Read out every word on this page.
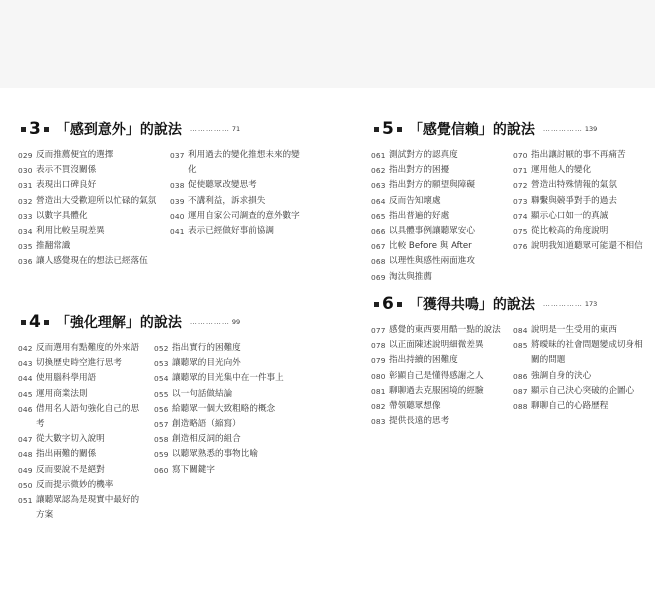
3 「感到意外」的說法 …………… 71
029 反而推薦便宜的選擇
030 表示不買沒關係
031 表現出口碑良好
032 營造出大受歡迎所以忙碌的氣氛
033 以數字具體化
034 利用比較呈現差異
035 推翻常識
036 讓人感覺現在的想法已經落伍
037 利用過去的變化推想未來的變化
038 促使聽眾改變思考
039 不講利益，訴求損失
040 運用自家公司調查的意外數字
041 表示已經做好事前協調
4 「強化理解」的說法 …………… 99
042 反而選用有點難度的外來語
043 切換歷史時空進行思考
044 使用腦科學用語
045 運用商業法則
046 借用名人語句強化自己的思考
047 從大數字切入說明
048 指出兩難的關係
049 反而要說不是絕對
050 反而提示微妙的機率
051 讓聽眾認為是現實中最好的方案
052 指出實行的困難度
053 讓聽眾的目光向外
054 讓聽眾的目光集中在一件事上
055 以一句話做結論
056 給聽眾一個大致粗略的概念
057 創造略語（縮寫）
058 創造相反詞的組合
059 以聽眾熟悉的事物比喻
060 寫下關鍵字
5 「感覺信賴」的說法 …………… 139
061 測試對方的認真度
062 指出對方的困擾
063 指出對方的願望與障礙
064 反而告知壞處
065 指出普遍的好處
066 以具體事例讓聽眾安心
067 比較 Before 與 After
068 以理性與感性兩面進攻
069 淘汰與推薦
070 指出讓討厭的事不再痛苦
071 運用他人的變化
072 營造出特殊情報的氣氛
073 聯繫與競爭對手的過去
074 顯示心口如一的真誠
075 從比較高的角度說明
076 說明我知道聽眾可能還不相信
6 「獲得共鳴」的說法 …………… 173
077 感覺的東西要用酷一點的說法
078 以正面陳述說明細微差異
079 指出持續的困難度
080 彰顯自己是懂得感謝之人
081 聊聊過去克服困境的經驗
082 帶領聽眾想像
083 提供長遠的思考
084 說明是一生受用的東西
085 將曖昧的社會問題變成切身相關的問題
086 強調自身的決心
087 顯示自己決心突破的企圖心
088 聊聊自己的心路歷程
